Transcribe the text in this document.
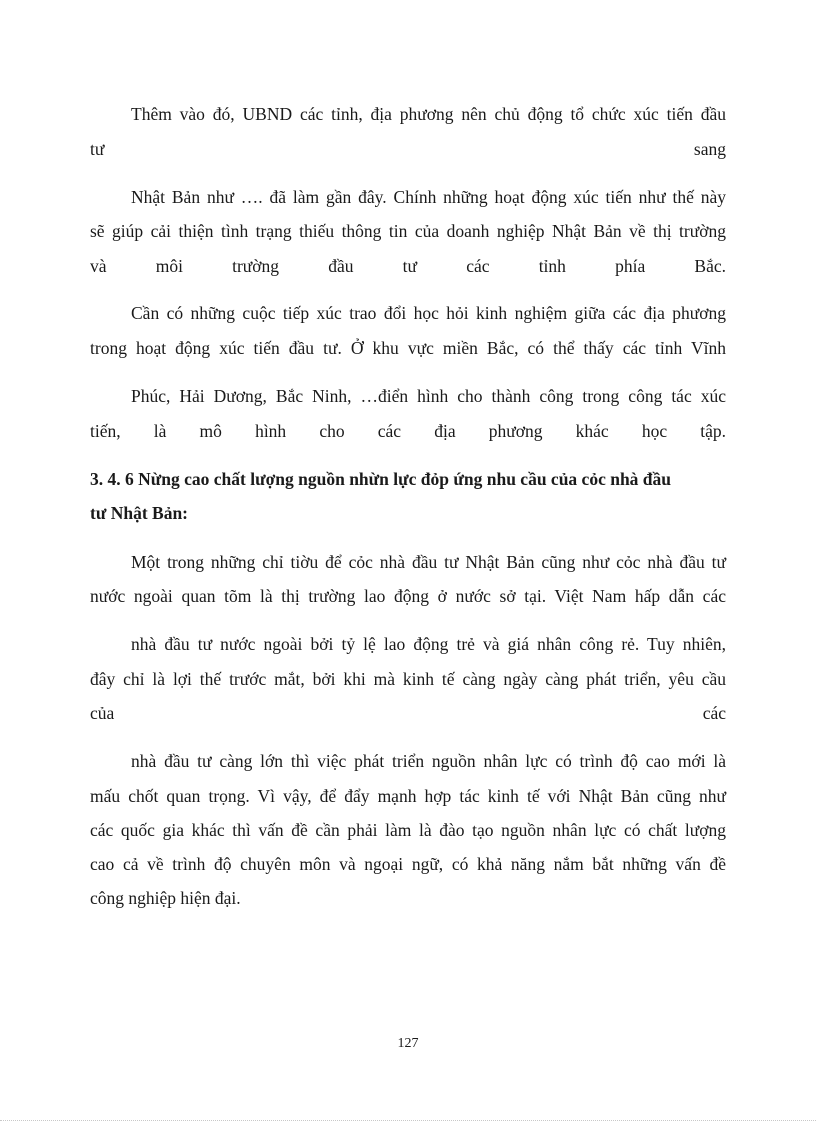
Thêm vào đó, UBND các tỉnh, địa phương nên chủ động tổ chức xúc tiến đầu
tư sang
Nhật Bản như …. đã làm gần đây. Chính những hoạt động xúc tiến như thế này
sẽ giúp cải thiện tình trạng thiếu thông tin của doanh nghiệp Nhật Bản về thị trường
và môi trường đầu tư các tỉnh phía Bắc.
Cần có những cuộc tiếp xúc trao đổi học hỏi kinh nghiệm giữa các địa phương
trong hoạt động xúc tiến đầu tư. Ở khu vực miền Bắc, có thể thấy các tỉnh Vĩnh
Phúc, Hải Dương, Bắc Ninh, …điển hình cho thành công trong công tác xúc
tiến, là mô hình cho các địa phương khác học tập.
3. 4. 6 Nừng cao chất lượng nguồn nhừn lực đỏp ứng nhu cầu của cỏc nhà đầu
tư Nhật Bản:
Một trong những chỉ tiờu để cỏc nhà đầu tư Nhật Bản cũng như cỏc nhà đầu tư
nước ngoài quan tõm là thị trường lao động ở nước sở tại. Việt Nam hấp dẫn các
nhà đầu tư nước ngoài bởi tỷ lệ lao động trẻ và giá nhân công rẻ. Tuy nhiên,
đây chỉ là lợi thế trước mắt, bởi khi mà kinh tế càng ngày càng phát triển, yêu cầu
của các
nhà đầu tư càng lớn thì việc phát triển nguồn nhân lực có trình độ cao mới là
mấu chốt quan trọng. Vì vậy, để đẩy mạnh hợp tác kinh tế với Nhật Bản cũng như
các quốc gia khác thì vấn đề cần phải làm là đào tạo nguồn nhân lực có chất lượng
cao cả về trình độ chuyên môn và ngoại ngữ, có khả năng nắm bắt những vấn đề
công nghiệp hiện đại.
127
